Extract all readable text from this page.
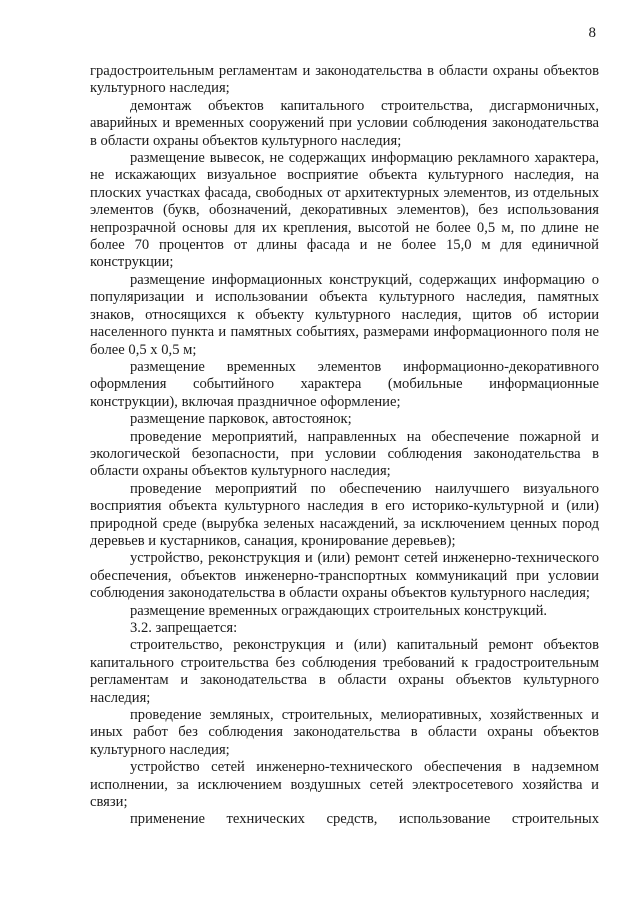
8

градостроительным регламентам и законодательства в области охраны объектов культурного наследия;

демонтаж объектов капитального строительства, дисгармоничных, аварийных и временных сооружений при условии соблюдения законодательства в области охраны объектов культурного наследия;

размещение вывесок, не содержащих информацию рекламного характера, не искажающих визуальное восприятие объекта культурного наследия, на плоских участках фасада, свободных от архитектурных элементов, из отдельных элементов (букв, обозначений, декоративных элементов), без использования непрозрачной основы для их крепления, высотой не более 0,5 м, по длине не более 70 процентов от длины фасада и не более 15,0 м для единичной конструкции;

размещение информационных конструкций, содержащих информацию о популяризации и использовании объекта культурного наследия, памятных знаков, относящихся к объекту культурного наследия, щитов об истории населенного пункта и памятных событиях, размерами информационного поля не более 0,5 х 0,5 м;

размещение временных элементов информационно-декоративного оформления событийного характера (мобильные информационные конструкции), включая праздничное оформление;

размещение парковок, автостоянок;

проведение мероприятий, направленных на обеспечение пожарной и экологической безопасности, при условии соблюдения законодательства в области охраны объектов культурного наследия;

проведение мероприятий по обеспечению наилучшего визуального восприятия объекта культурного наследия в его историко-культурной и (или) природной среде (вырубка зеленых насаждений, за исключением ценных пород деревьев и кустарников, санация, кронирование деревьев);

устройство, реконструкция и (или) ремонт сетей инженерно-технического обеспечения, объектов инженерно-транспортных коммуникаций при условии соблюдения законодательства в области охраны объектов культурного наследия;

размещение временных ограждающих строительных конструкций.

3.2. запрещается:

строительство, реконструкция и (или) капитальный ремонт объектов капитального строительства без соблюдения требований к градостроительным регламентам и законодательства в области охраны объектов культурного наследия;

проведение земляных, строительных, мелиоративных, хозяйственных и иных работ без соблюдения законодательства в области охраны объектов культурного наследия;

устройство сетей инженерно-технического обеспечения в надземном исполнении, за исключением воздушных сетей электросетевого хозяйства и связи;

применение технических средств, использование строительных
